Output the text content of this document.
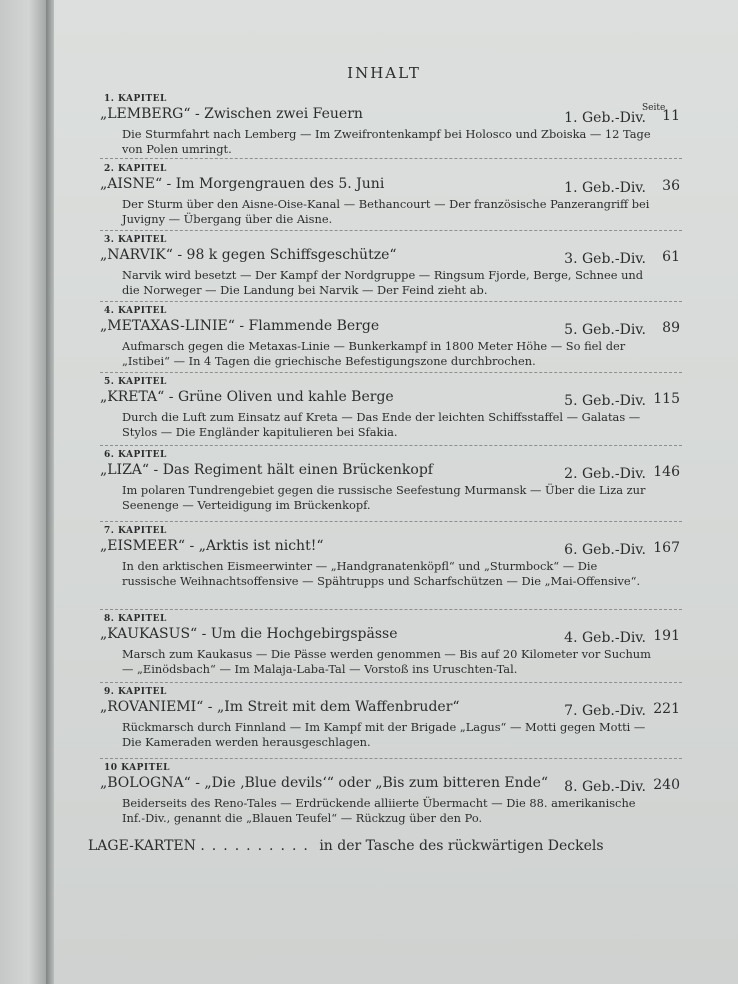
INHALT
Seite
1. KAPITEL
„LEMBERG“ - Zwischen zwei Feuern	1. Geb.-Div.	11
Die Sturmfahrt nach Lemberg — Im Zweifrontenkampf bei Holosco und Zboiska — 12 Tage von Polen umringt.
2. KAPITEL
„AISNE“ - Im Morgengrauen des 5. Juni	1. Geb.-Div.	36
Der Sturm über den Aisne-Oise-Kanal — Bethancourt — Der französische Panzerangriff bei Juvigny — Übergang über die Aisne.
3. KAPITEL
„NARVIK“ - 98 k gegen Schiffsgeschütze“	3. Geb.-Div.	61
Narvik wird besetzt — Der Kampf der Nordgruppe — Ringsum Fjorde, Berge, Schnee und die Norweger — Die Landung bei Narvik — Der Feind zieht ab.
4. KAPITEL
„METAXAS-LINIE“ - Flammende Berge	5. Geb.-Div.	89
Aufmarsch gegen die Metaxas-Linie — Bunkerkampf in 1800 Meter Höhe — So fiel der „Istibei“ — In 4 Tagen die griechische Befestigungszone durchbrochen.
5. KAPITEL
„KRETA“ - Grüne Oliven und kahle Berge	5. Geb.-Div. 115
Durch die Luft zum Einsatz auf Kreta — Das Ende der leichten Schiffsstaffel — Galatas — Stylos — Die Engländer kapitulieren bei Sfakia.
6. KAPITEL
„LIZA“ - Das Regiment hält einen Brückenkopf	2. Geb.-Div. 146
Im polaren Tundrengebiet gegen die russische Seefestung Murmansk — Über die Liza zur Seenenge — Verteidigung im Brückenkopf.
7. KAPITEL
„EISMEER“ - „Arktis ist nicht!“	6. Geb.-Div. 167
In den arktischen Eismeerwinter — „Handgranatenköpfl“ und „Sturmbock“ — Die russische Weihnachtsoffensive — Spähtrupps und Scharfschützen — Die „Mai-Offensive“.
8. KAPITEL
„KAUKASUS“ - Um die Hochgebirgspässe	4. Geb.-Div. 191
Marsch zum Kaukasus — Die Pässe werden genommen — Bis auf 20 Kilometer vor Suchum — „Einödsbach“ — Im Malaja-Laba-Tal — Vorstoß ins Uruschten-Tal.
9. KAPITEL
„ROVANIEMI“ - „Im Streit mit dem Waffenbruder“	7. Geb.-Div. 221
Rückmarsch durch Finnland — Im Kampf mit der Brigade „Lagus“ — Motti gegen Motti — Die Kameraden werden herausgeschlagen.
10 KAPITEL
„BOLOGNA“ - „Die ‚Blue devils‘“ oder „Bis zum bitteren Ende“ 8. Geb.-Div. 240
Beiderseits des Reno-Tales — Erdrückende alliierte Übermacht — Die 88. amerikanische Inf.-Div., genannt die „Blauen Teufel“ — Rückzug über den Po.
LAGE-KARTEN .......... in der Tasche des rückwärtigen Deckels
